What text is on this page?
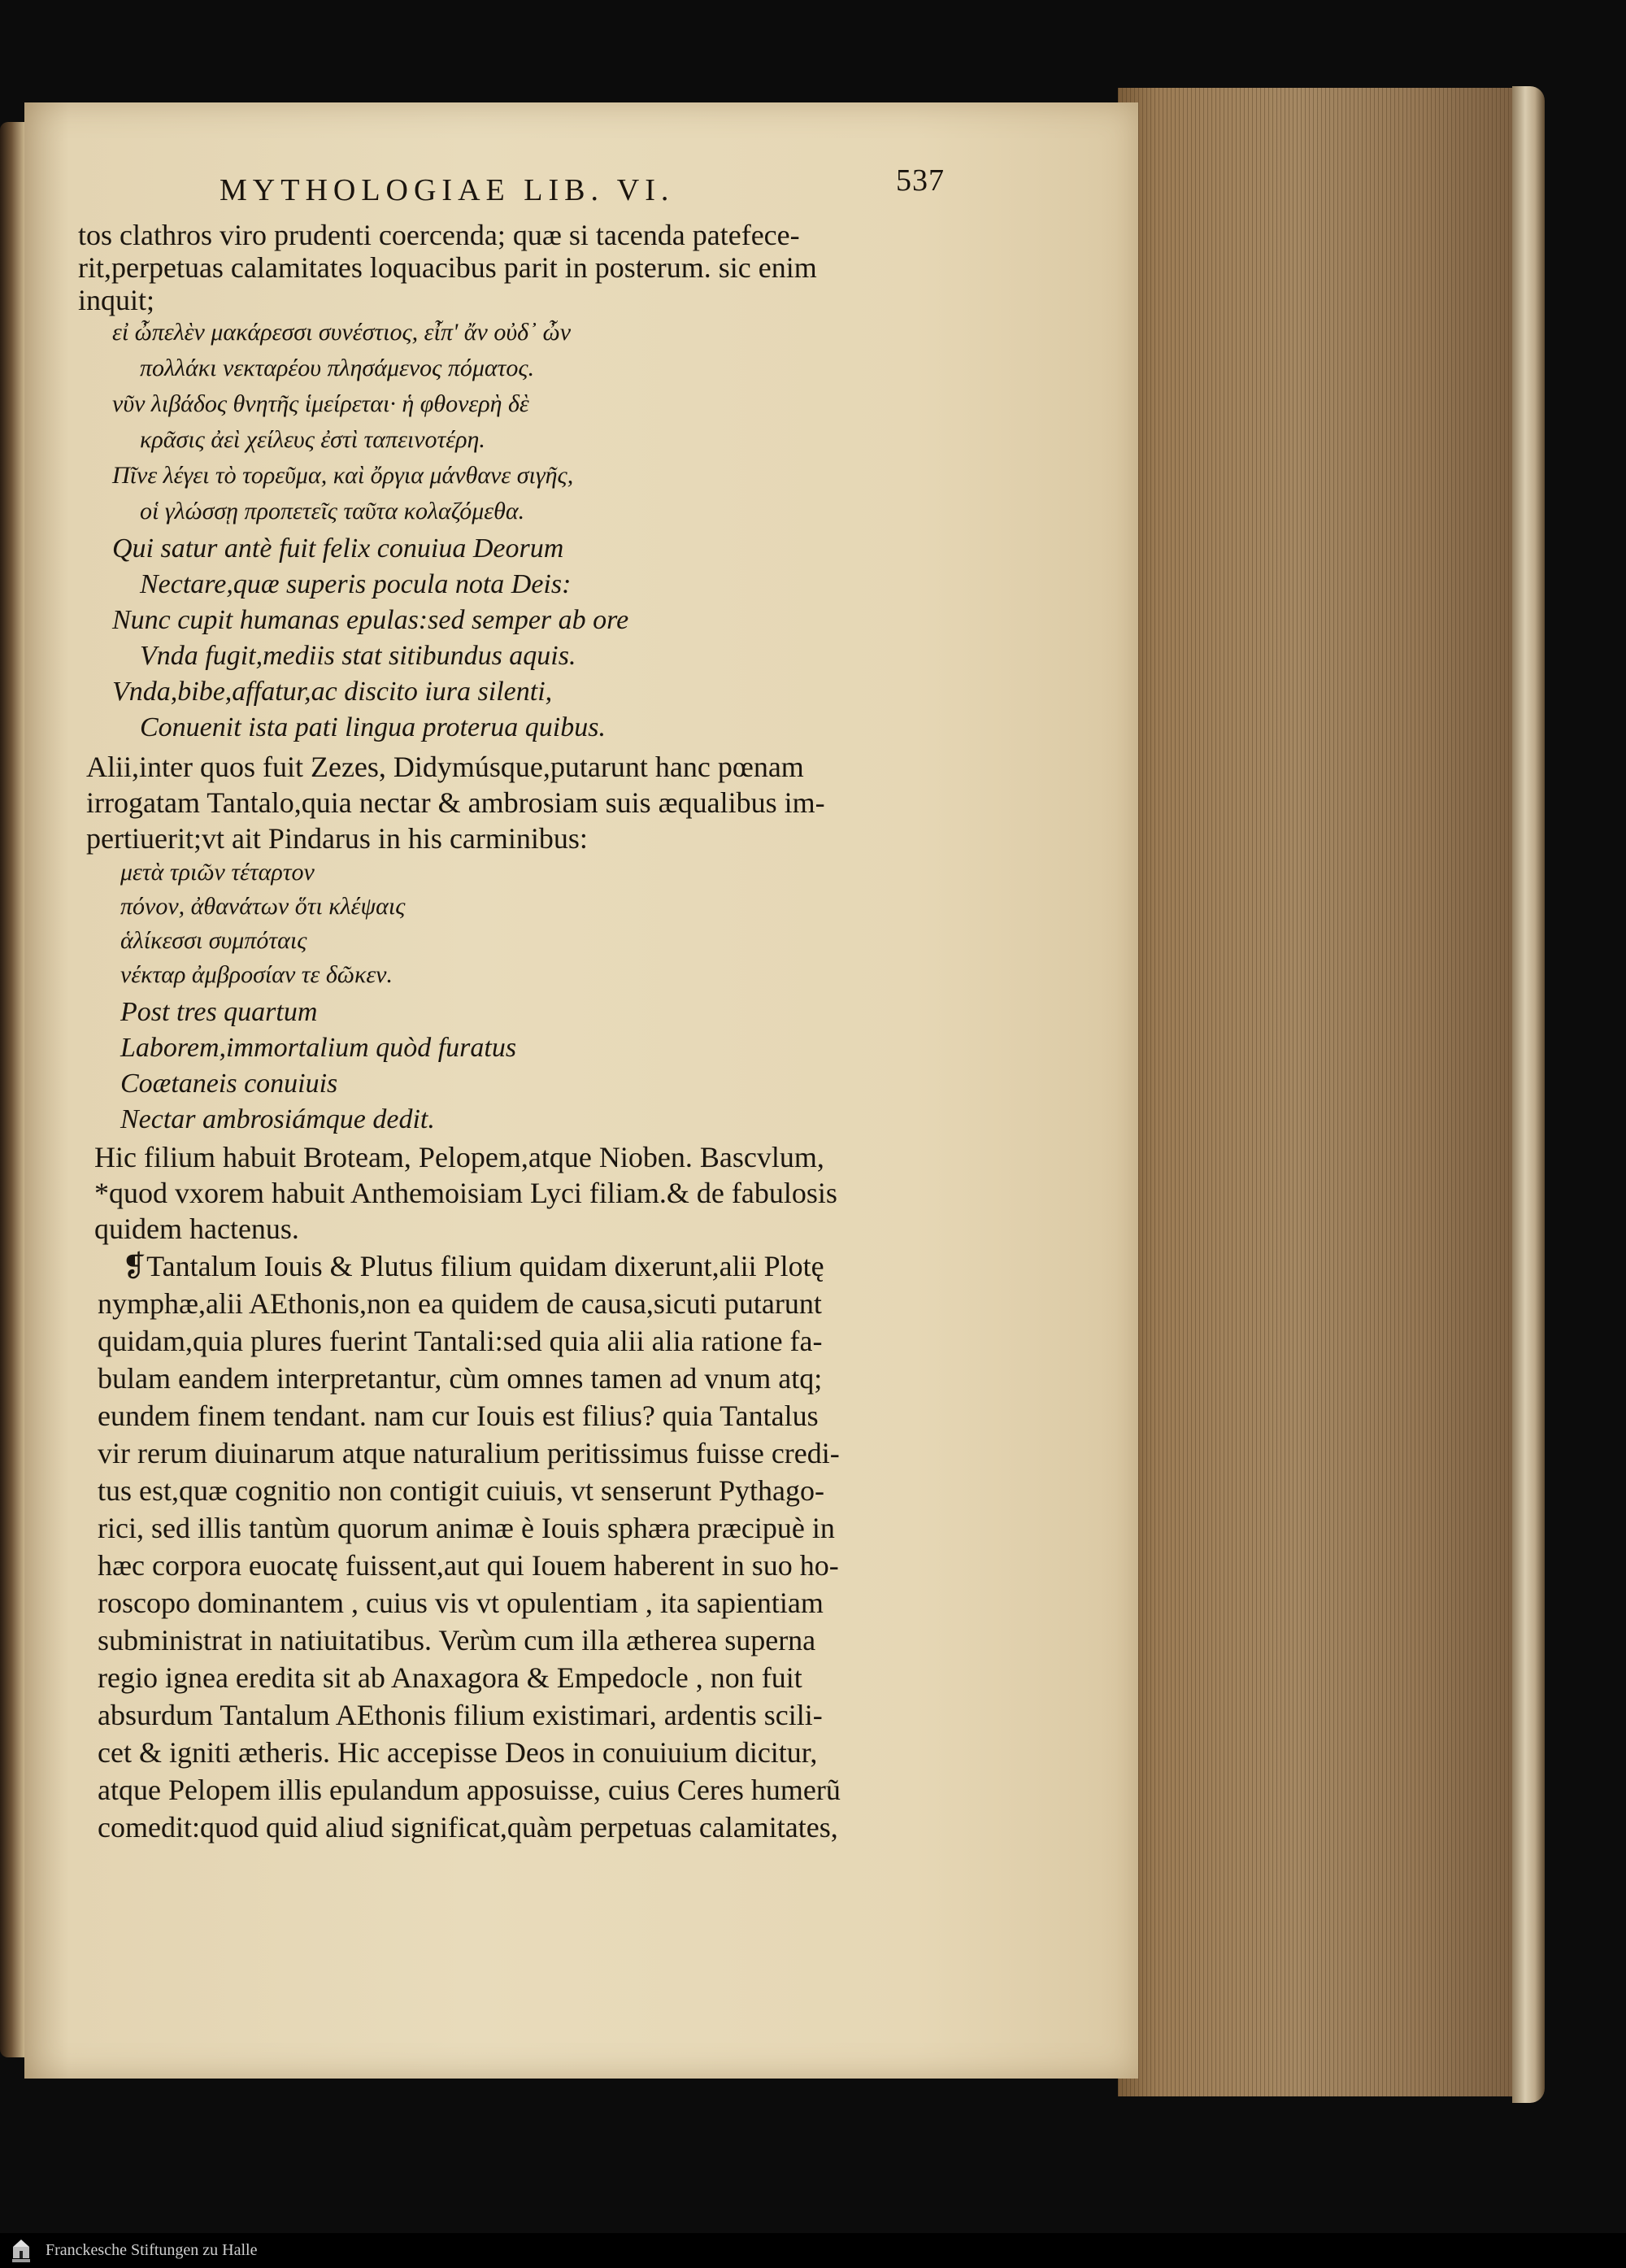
MYTHOLOGIAE LIB. VI.	537
tos clathros viro prudenti coercenda; quæ si tacenda patefece-
rit,perpetuas calamitates loquacibus parit in posterum. sic enim
inquit;
εἰ ὦπελὲν μακάρεσσι συνέστιος, εἶπ' ἄν οὐδ᾽ ὦν
πολλάκι νεκταρέου πλησάμενος πόματος.
νῦν λιβάδος θνητῆς ἱμείρεται· ἡ φθονερὴ δὲ
κρᾶσις ἀεὶ χείλευς ἐστὶ ταπεινοτέρη.
Πῖνε λέγει τὸ τορεῦμα, καὶ ὄργια μάνθανε σιγῆς,
οἱ γλώσσῃ προπετεῖς ταῦτα κολαζόμεθα.
Qui satur antè fuit felix conuiua Deorum
Nectare,quæ superis pocula nota Deis:
Nunc cupit humanas epulas:sed semper ab ore
Vnda fugit,mediis stat sitibundus aquis.
Vnda,bibe,affatur,ac discito iura silenti,
Conuenit ista pati lingua proterua quibus.
Alii,inter quos fuit Zezes, Didymúsque,putarunt hanc pœnam
irrogatam Tantalo,quia nectar & ambrosiam suis æqualibus im-
pertiuerit;vt ait Pindarus in his carminibus:
μετὰ τριῶν τέταρτον
πόνον, ἀθανάτων ὅτι κλέψαις
ἁλίκεσσι συμπόταις
νέκταρ ἀμβροσίαν τε δῶκεν.
Post tres quartum
Laborem,immortalium quòd furatus
Coætaneis conuiuis
Nectar ambrosiámque dedit.
Hic filium habuit Broteam, Pelopem,atque Nioben. Bascvlum,
*quod vxorem habuit Anthemoisiam Lyci filiam.& de fabulosis
quidem hactenus.
❡Tantalum Iouis & Plutus filium quidam dixerunt,alii Plotę
nymphæ,alii AEthonis,non ea quidem de causa,sicuti putarunt
quidam,quia plures fuerint Tantali:sed quia alii alia ratione fa-
bulam eandem interpretantur, cùm omnes tamen ad vnum atq;
eundem finem tendant. nam cur Iouis est filius? quia Tantalus
vir rerum diuinarum atque naturalium peritissimus fuisse credi-
tus est,quæ cognitio non contigit cuiuis, vt senserunt Pythago-
rici, sed illis tantùm quorum animæ è Iouis sphæra præcipuè in
hæc corpora euocatę fuissent,aut qui Iouem haberent in suo ho-
roscopo dominantem , cuius vis vt opulentiam , ita sapientiam
subministrat in natiuitatibus. Verùm cum illa ætherea superna
regio ignea eredita sit ab Anaxagora & Empedocle , non fuit
absurdum Tantalum AEthonis filium existimari, ardentis scili-
cet & igniti ætheris. Hic accepisse Deos in conuiuium dicitur,
atque Pelopem illis epulandum apposuisse, cuius Ceres humerũ
comedit:quod quid aliud significat,quàm perpetuas calamitates,
Franckesche Stiftungen zu Halle
